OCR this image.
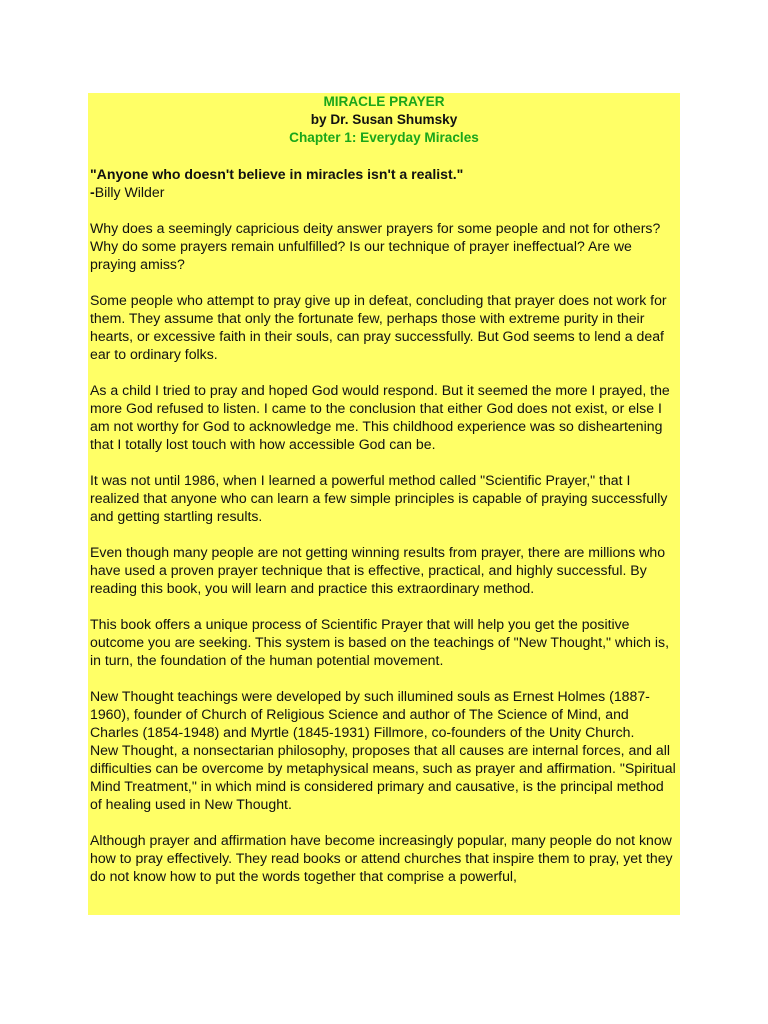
MIRACLE PRAYER
by Dr. Susan Shumsky
Chapter 1: Everyday Miracles
"Anyone who doesn't believe in miracles isn't a realist."
-Billy Wilder

Why does a seemingly capricious deity answer prayers for some people and not for others? Why do some prayers remain unfulfilled? Is our technique of prayer ineffectual? Are we praying amiss?

Some people who attempt to pray give up in defeat, concluding that prayer does not work for them. They assume that only the fortunate few, perhaps those with extreme purity in their hearts, or excessive faith in their souls, can pray successfully. But God seems to lend a deaf ear to ordinary folks.

As a child I tried to pray and hoped God would respond. But it seemed the more I prayed, the more God refused to listen. I came to the conclusion that either God does not exist, or else I am not worthy for God to acknowledge me. This childhood experience was so disheartening that I totally lost touch with how accessible God can be.

It was not until 1986, when I learned a powerful method called "Scientific Prayer," that I realized that anyone who can learn a few simple principles is capable of praying successfully and getting startling results.

Even though many people are not getting winning results from prayer, there are millions who have used a proven prayer technique that is effective, practical, and highly successful. By reading this book, you will learn and practice this extraordinary method.

This book offers a unique process of Scientific Prayer that will help you get the positive outcome you are seeking. This system is based on the teachings of "New Thought," which is, in turn, the foundation of the human potential movement.

New Thought teachings were developed by such illumined souls as Ernest Holmes (1887-1960), founder of Church of Religious Science and author of The Science of Mind, and Charles (1854-1948) and Myrtle (1845-1931) Fillmore, co-founders of the Unity Church.

New Thought, a nonsectarian philosophy, proposes that all causes are internal forces, and all difficulties can be overcome by metaphysical means, such as prayer and affirmation. "Spiritual Mind Treatment," in which mind is considered primary and causative, is the principal method of healing used in New Thought.

Although prayer and affirmation have become increasingly popular, many people do not know how to pray effectively. They read books or attend churches that inspire them to pray, yet they do not know how to put the words together that comprise a powerful,
